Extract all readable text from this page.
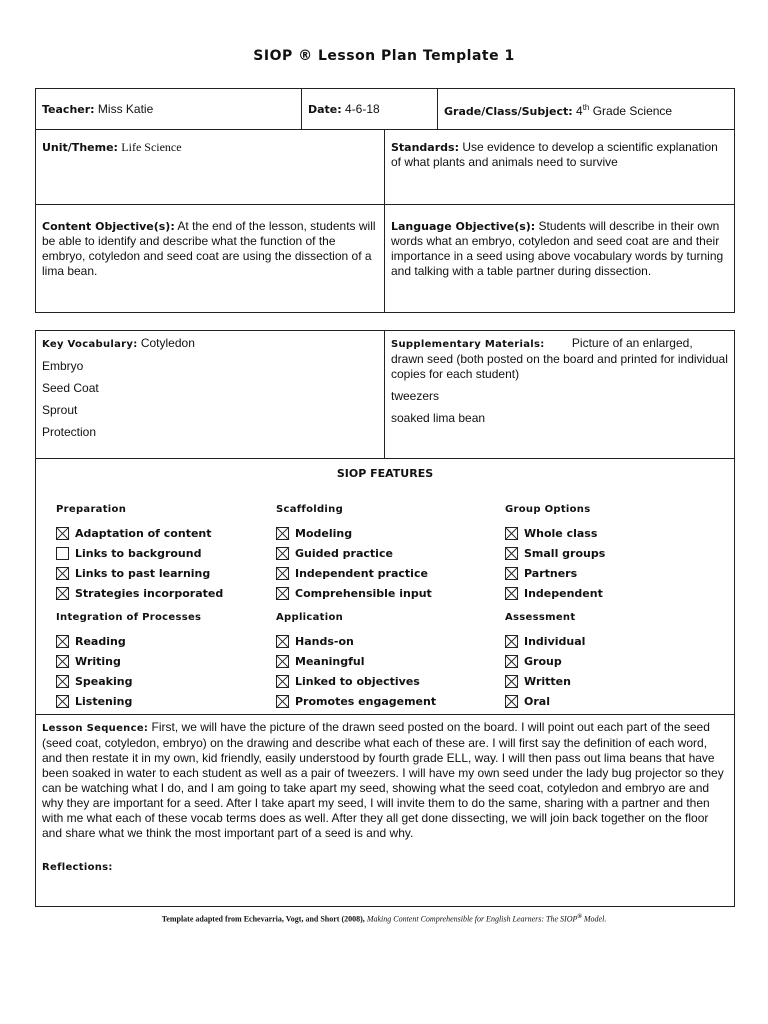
SIOP ® Lesson Plan Template 1
Teacher: Miss Katie	Date: 4-6-18		Grade/Class/Subject: 4th Grade Science
Unit/Theme: Life Science		Standards: Use evidence to develop a scientific explanation of what plants and animals need to survive	
Content Objective(s): At the end of the lesson, students will be able to identify and describe what the function of the embryo, cotyledon and seed coat are using the dissection of a lima bean.		Language Objective(s): Students will describe in their own words what an embryo, cotyledon and seed coat are and their importance in a seed using above vocabulary words by turning and talking with a table partner during dissection.	
Key Vocabulary: Cotyledon
Embryo
Seed Coat
Sprout
Protection

Supplementary Materials: Picture of an enlarged, drawn seed (both posted on the board and printed for individual copies for each student)
tweezers
soaked lima bean

SIOP FEATURES
Preparation
Adaptation of content
Links to background
Links to past learning
Strategies incorporated
Integration of Processes
Reading
Writing
Speaking
Listening
Scaffolding
Modeling
Guided practice
Independent practice
Comprehensible input
Application
Hands-on
Meaningful
Linked to objectives
Promotes engagement
Group Options
Whole class
Small groups
Partners
Independent
Assessment
Individual
Group
Written
Oral

Lesson Sequence: First, we will have the picture of the drawn seed posted on the board. I will point out each part of the seed (seed coat, cotyledon, embryo) on the drawing and describe what each of these are. I will first say the definition of each word, and then restate it in my own, kid friendly, easily understood by fourth grade ELL, way. I will then pass out lima beans that have been soaked in water to each student as well as a pair of tweezers. I will have my own seed under the lady bug projector so they can be watching what I do, and I am going to take apart my seed, showing what the seed coat, cotyledon and embryo are and why they are important for a seed. After I take apart my seed, I will invite them to do the same, sharing with a partner and then with me what each of these vocab terms does as well. After they all get done dissecting, we will join back together on the floor and share what we think the most important part of a seed is and why.
Reflections:
Template adapted from Echevarria, Vogt, and Short (2008), Making Content Comprehensible for English Learners: The SIOP® Model.
